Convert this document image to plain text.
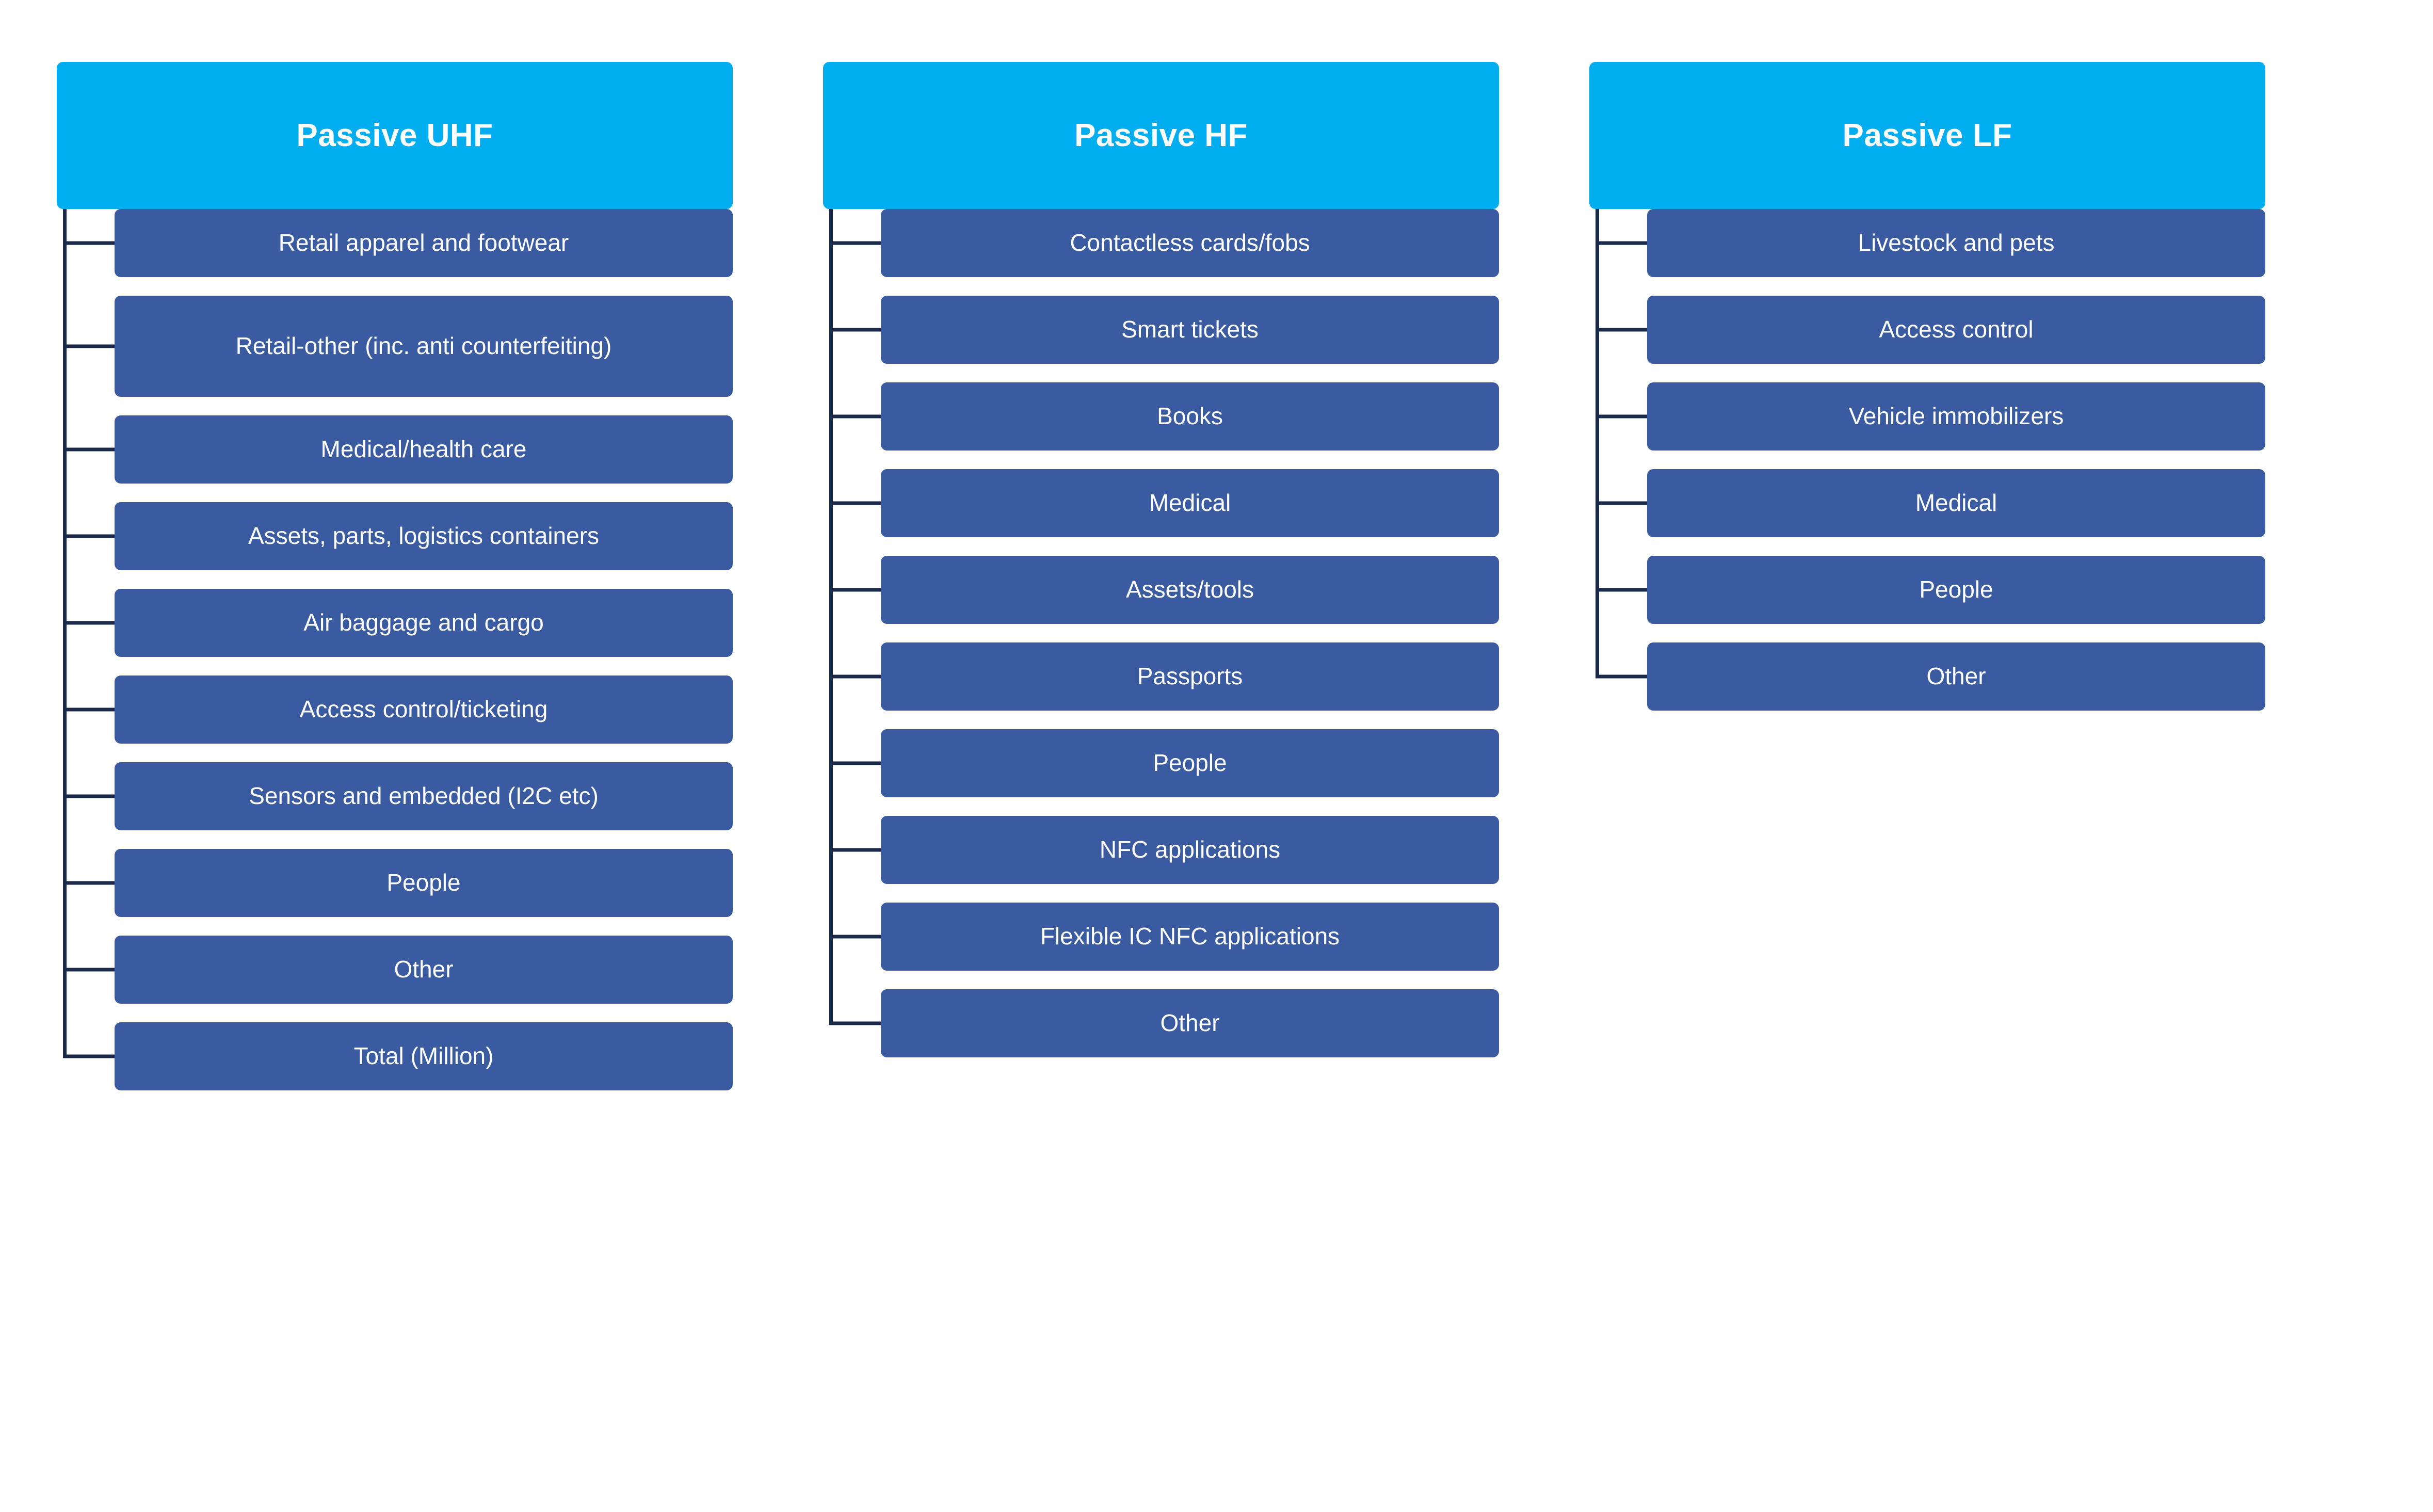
Passive UHF
Retail apparel and footwear
Retail-other (inc. anti counterfeiting)
Medical/health care
Assets, parts, logistics containers
Air baggage and cargo
Access control/ticketing
Sensors and embedded (I2C etc)
People
Other
Total (Million)
Passive HF
Contactless cards/fobs
Smart tickets
Books
Medical
Assets/tools
Passports
People
NFC applications
Flexible IC NFC applications
Other
Passive LF
Livestock and pets
Access control
Vehicle immobilizers
Medical
People
Other
